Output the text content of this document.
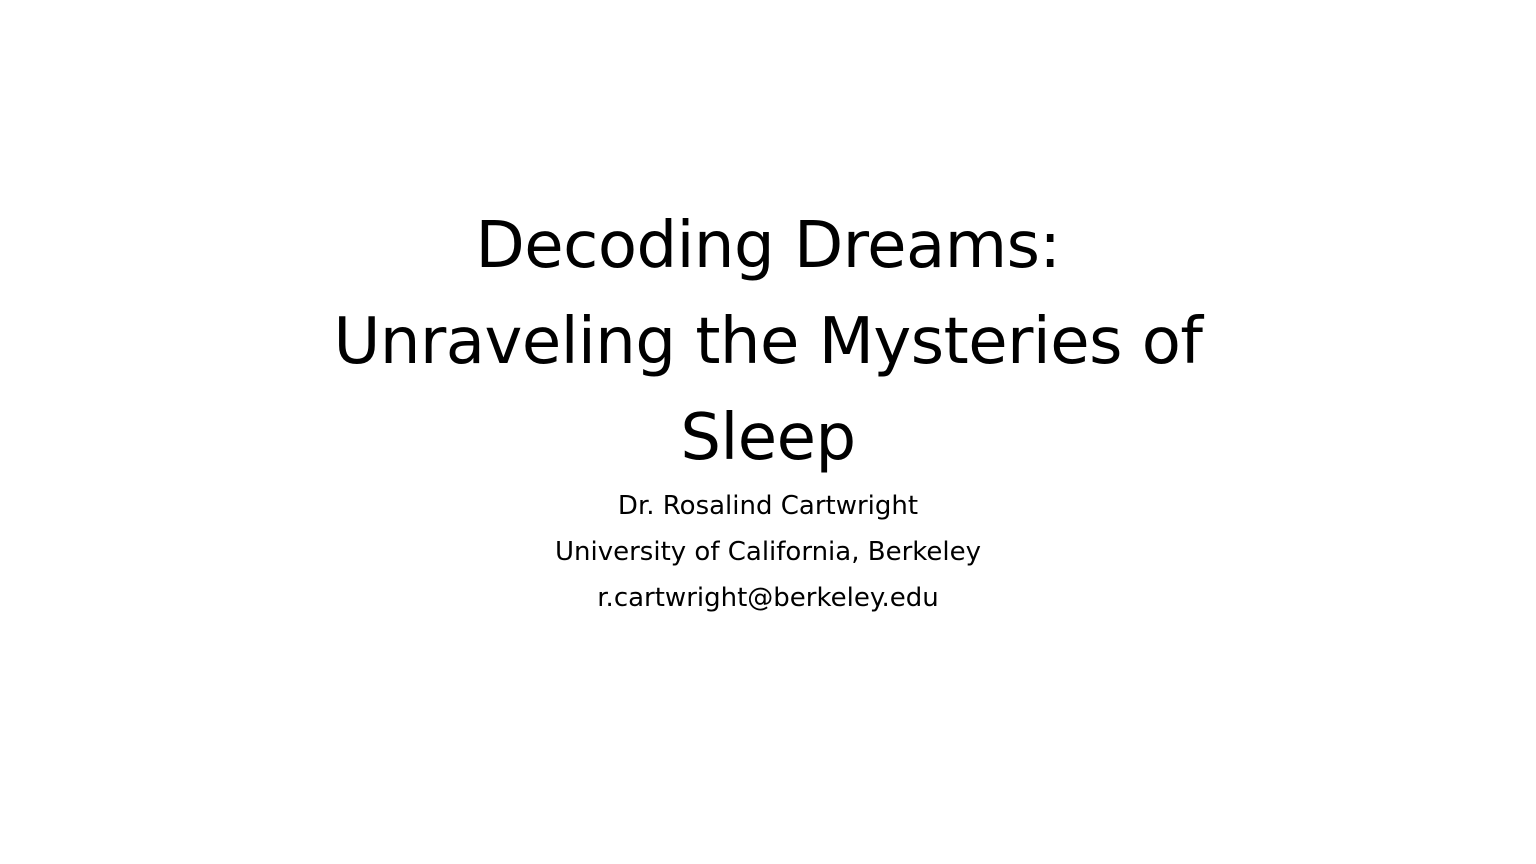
Decoding Dreams:
Unraveling the Mysteries of
Sleep
Dr. Rosalind Cartwright
University of California, Berkeley
r.cartwright@berkeley.edu
